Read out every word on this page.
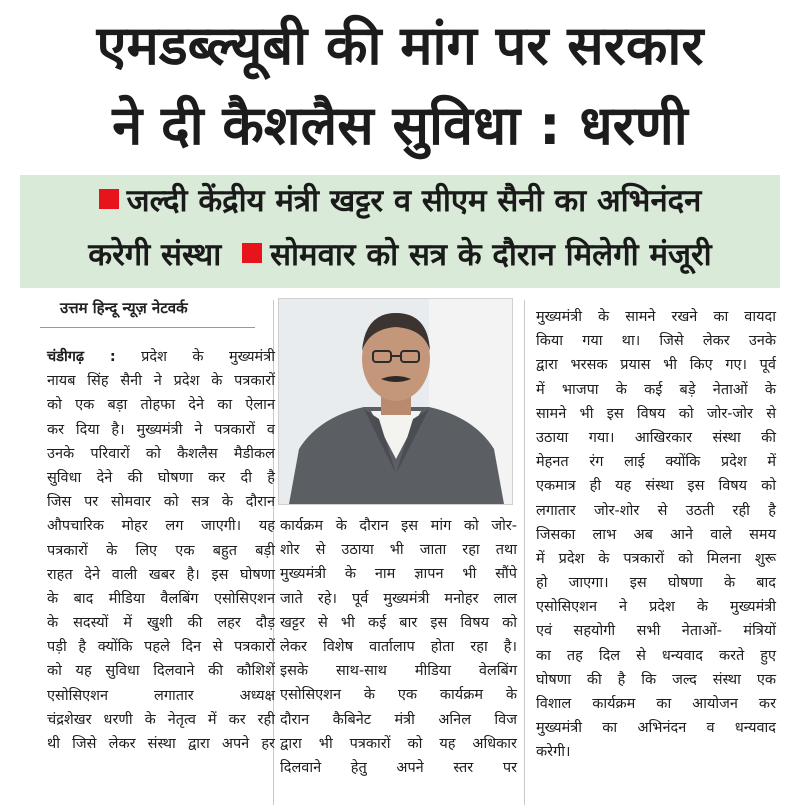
एमडब्ल्यूबी की मांग पर सरकार
ने दी कैशलैस सुविधा : धरणी
जल्दी केंद्रीय मंत्री खट्टर व सीएम सैनी का अभिनंदन
करेगी संस्था सोमवार को सत्र के दौरान मिलेगी मंजूरी
उत्तम हिन्दू न्यूज़ नेटवर्क
चंडीगढ़ : प्रदेश के मुख्यमंत्री
नायब सिंह सैनी ने प्रदेश के पत्रकारों
को एक बड़ा तोहफा देने का ऐलान
कर दिया है। मुख्यमंत्री ने पत्रकारों व
उनके परिवारों को कैशलैस मैडीकल
सुविधा देने की घोषणा कर दी है
जिस पर सोमवार को सत्र के दौरान
औपचारिक मोहर लग जाएगी। यह
पत्रकारों के लिए एक बहुत बड़ी
राहत देने वाली खबर है। इस घोषणा
के बाद मीडिया वैलबिंग एसोसिएशन
के सदस्यों में खुशी की लहर दौड़
पड़ी है क्योंकि पहले दिन से पत्रकारों
को यह सुविधा दिलवाने की कौशिशें
एसोसिएशन लगातार अध्यक्ष
चंद्रशेखर धरणी के नेतृत्व में कर रही
थी जिसे लेकर संस्था द्वारा अपने हर
कार्यक्रम के दौरान इस मांग को जोर-
शोर से उठाया भी जाता रहा तथा
मुख्यमंत्री के नाम ज्ञापन भी सौंपे
जाते रहे। पूर्व मुख्यमंत्री मनोहर लाल
खट्टर से भी कई बार इस विषय को
लेकर विशेष वार्तालाप होता रहा है।
इसके साथ-साथ मीडिया वेलबिंग
एसोसिएशन के एक कार्यक्रम के
दौरान कैबिनेट मंत्री अनिल विज
द्वारा भी पत्रकारों को यह अधिकार
दिलवाने हेतु अपने स्तर पर
मुख्यमंत्री के सामने रखने का वायदा
किया गया था। जिसे लेकर उनके
द्वारा भरसक प्रयास भी किए गए। पूर्व
में भाजपा के कई बड़े नेताओं के
सामने भी इस विषय को जोर-जोर से
उठाया गया। आखिरकार संस्था की
मेहनत रंग लाई क्योंकि प्रदेश में
एकमात्र ही यह संस्था इस विषय को
लगातार जोर-शोर से उठती रही है
जिसका लाभ अब आने वाले समय
में प्रदेश के पत्रकारों को मिलना शुरू
हो जाएगा। इस घोषणा के बाद
एसोसिएशन ने प्रदेश के मुख्यमंत्री
एवं सहयोगी सभी नेताओं- मंत्रियों
का तह दिल से धन्यवाद करते हुए
घोषणा की है कि जल्द संस्था एक
विशाल कार्यक्रम का आयोजन कर
मुख्यमंत्री का अभिनंदन व धन्यवाद
करेगी।
